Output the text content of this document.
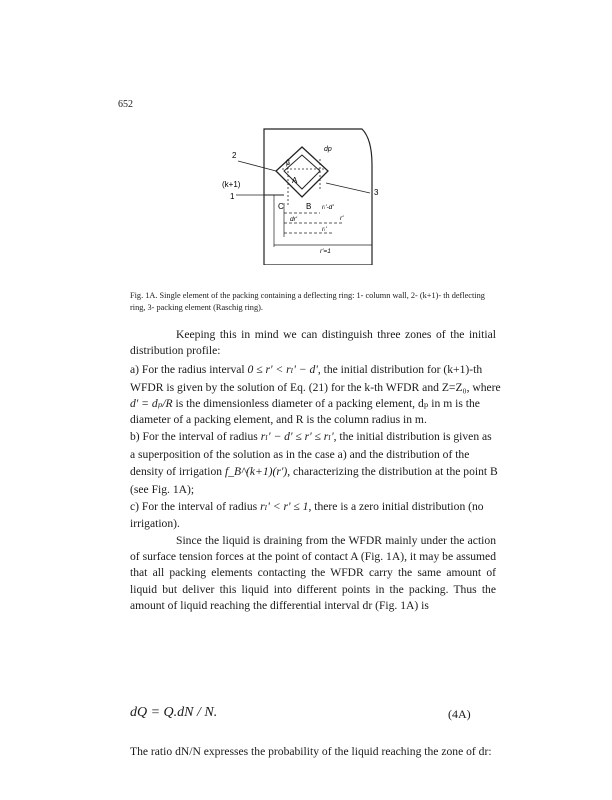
652
2
(k+1)
1	3
dp
β
A
C	B
dr'
rₗ'-d'
r'
rₗ'
r'=1
Fig. 1A. Single element of the packing containing a deflecting ring: 1- column wall, 2- (k+1)- th deflecting ring, 3- packing element (Raschig ring).
Keeping this in mind we can distinguish three zones of the initial distribution profile:
a) For the radius interval 0 ≤ r' < rₗ' − d', the initial distribution for (k+1)-th
WFDR is given by the solution of Eq. (21) for the k-th WFDR and Z=Z₀, where
d' = dₚ/R is the dimensionless diameter of a packing element, dₚ in m is the
diameter of a packing element, and R is the column radius in m.
b) For the interval of radius rₗ' − d' ≤ r' ≤ rₗ', the initial distribution is given as
a superposition of the solution as in the case a) and the distribution of the
density of irrigation f_B^(k+1)(r'), characterizing the distribution at the point B
(see Fig. 1A);
c) For the interval of radius rₗ' < r' ≤ 1, there is a zero initial distribution (no
irrigation).
Since the liquid is draining from the WFDR mainly under the action of surface tension forces at the point of contact A (Fig. 1A), it may be assumed that all packing elements contacting the WFDR carry the same amount of liquid but deliver this liquid into different points in the packing. Thus the amount of liquid reaching the differential interval dr (Fig. 1A) is
dQ = Q.dN / N.	(4A)
The ratio dN/N expresses the probability of the liquid reaching the zone of dr:
